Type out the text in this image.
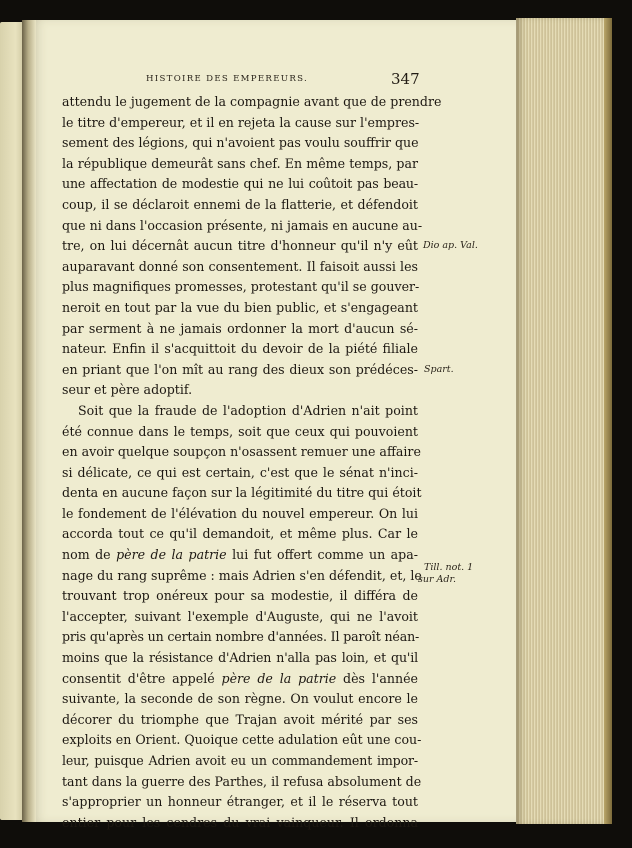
HISTOIRE DES EMPEREURS.	347
attendu le jugement de la compagnie avant que de prendre
le titre d'empereur, et il en rejeta la cause sur l'empres-
sement des légions, qui n'avoient pas voulu souffrir que
la république demeurât sans chef. En même temps, par
une affectation de modestie qui ne lui coûtoit pas beau-
coup, il se déclaroit ennemi de la flatterie, et défendoit
que ni dans l'occasion présente, ni jamais en aucune au-
tre, on lui décernât aucun titre d'honneur qu'il n'y eût
auparavant donné son consentement. Il faisoit aussi les
plus magnifiques promesses, protestant qu'il se gouver-
neroit en tout par la vue du bien public, et s'engageant
par serment à ne jamais ordonner la mort d'aucun sé-
nateur. Enfin il s'acquittoit du devoir de la piété filiale
en priant que l'on mît au rang des dieux son prédéces-
seur et père adoptif.
Soit que la fraude de l'adoption d'Adrien n'ait point
été connue dans le temps, soit que ceux qui pouvoient
en avoir quelque soupçon n'osassent remuer une affaire
si délicate, ce qui est certain, c'est que le sénat n'inci-
denta en aucune façon sur la légitimité du titre qui étoit
le fondement de l'élévation du nouvel empereur. On lui
accorda tout ce qu'il demandoit, et même plus. Car le
nom de père de la patrie lui fut offert comme un apa-
nage du rang suprême : mais Adrien s'en défendit, et, le
trouvant trop onéreux pour sa modestie, il différa de
l'accepter, suivant l'exemple d'Auguste, qui ne l'avoit
pris qu'après un certain nombre d'années. Il paroît néan-
moins que la résistance d'Adrien n'alla pas loin, et qu'il
consentit d'être appelé père de la patrie dès l'année
suivante, la seconde de son règne. On voulut encore le
décorer du triomphe que Trajan avoit mérité par ses
exploits en Orient. Quoique cette adulation eût une cou-
leur, puisque Adrien avoit eu un commandement impor-
tant dans la guerre des Parthes, il refusa absolument de
s'approprier un honneur étranger, et il le réserva tout
entier pour les cendres du vrai vainqueur. Il ordonna
Dio ap. Val.
Spart.
Till. not. 1
sur Adr.
